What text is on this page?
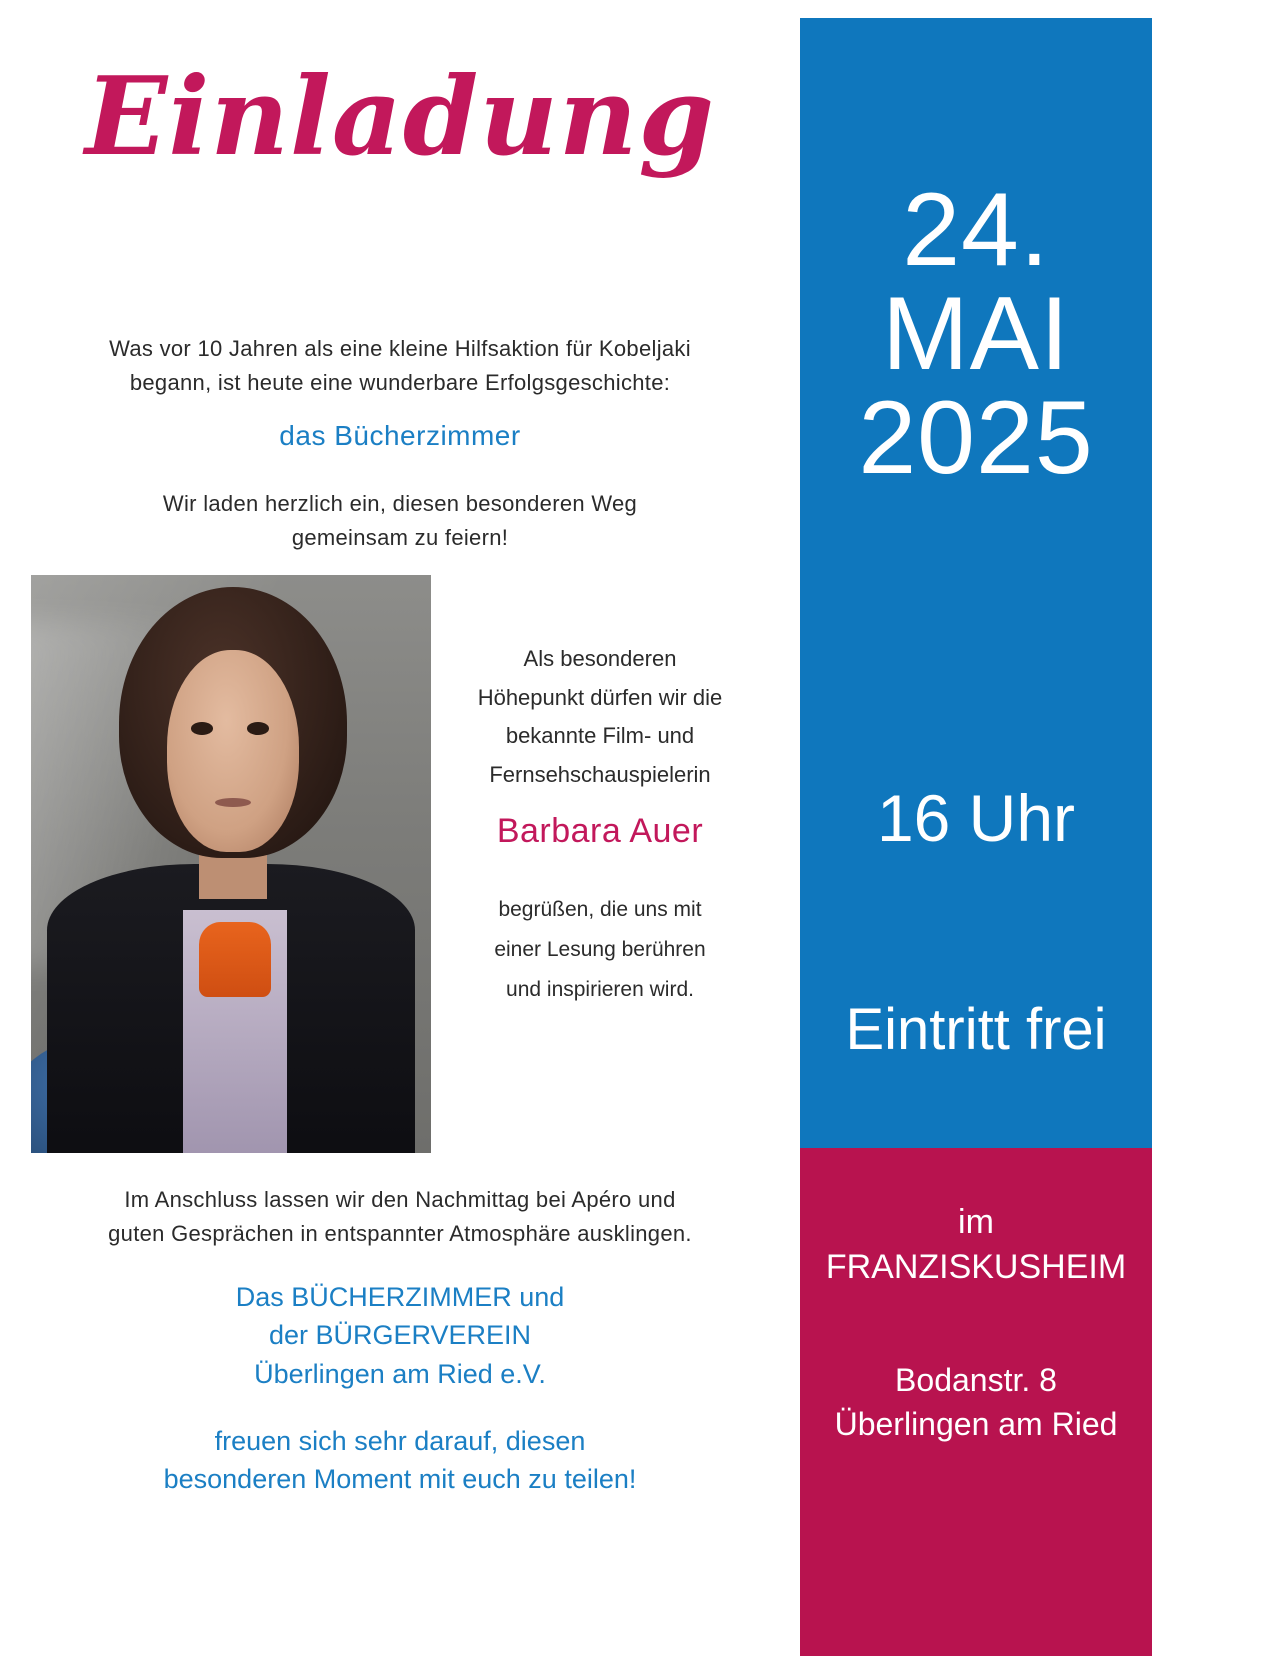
Einladung
Was vor 10 Jahren als eine kleine Hilfsaktion für Kobeljaki
begann, ist heute eine wunderbare Erfolgsgeschichte:
das Bücherzimmer
Wir laden herzlich ein, diesen besonderen Weg
gemeinsam zu feiern!
Als besonderen
Höhepunkt dürfen wir die
bekannte Film- und
Fernsehschauspielerin
Barbara Auer
begrüßen, die uns mit
einer Lesung berühren
und inspirieren wird.
Im Anschluss lassen wir den Nachmittag bei Apéro und
guten Gesprächen in entspannter Atmosphäre ausklingen.
Das BÜCHERZIMMER und
der BÜRGERVEREIN
Überlingen am Ried e.V.
freuen sich sehr darauf, diesen
besonderen Moment mit euch zu teilen!
24.
MAI
2025
16 Uhr
Eintritt frei
im
FRANZISKUSHEIM
Bodanstr. 8
Überlingen am Ried
